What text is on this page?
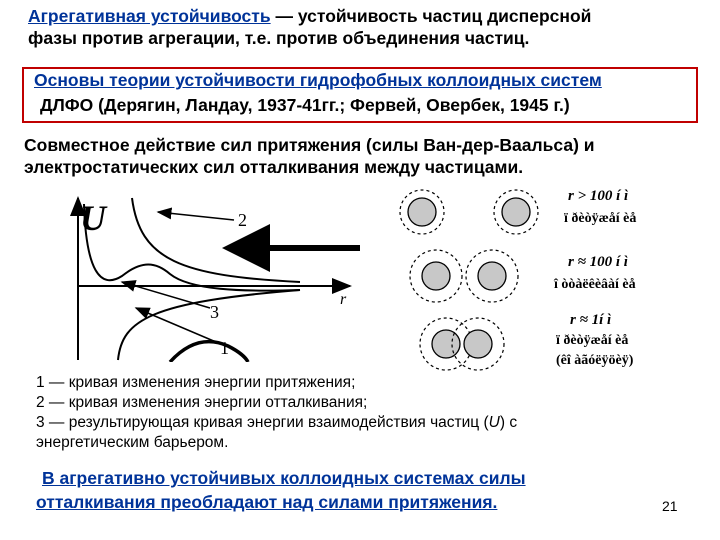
Агрегативная устойчивость — устойчивость частиц дисперсной
фазы против агрегации, т.е. против объединения частиц.
Основы теории устойчивости гидрофобных коллоидных систем
ДЛФО (Дерягин, Ландау, 1937-41гг.; Фервей, Овербек, 1945 г.)
Совместное действие сил притяжения (силы Ван-дер-Ваальса) и
электростатических сил отталкивания между частицами.
U
r
2
3
1
r > 100 í ì
ï ðèòÿæåí èå
r ≈ 100 í ì
î òòàëêèâàí èå
r ≈ 1í ì
ï ðèòÿæåí èå
(êî àãóëÿöèÿ)
1 — кривая изменения энергии притяжения;
2 — кривая изменения энергии отталкивания;
3 — результирующая кривая энергии взаимодействия частиц (U) с
энергетическим барьером.
В агрегативно устойчивых коллоидных системах силы
отталкивания преобладают над силами притяжения.	21
